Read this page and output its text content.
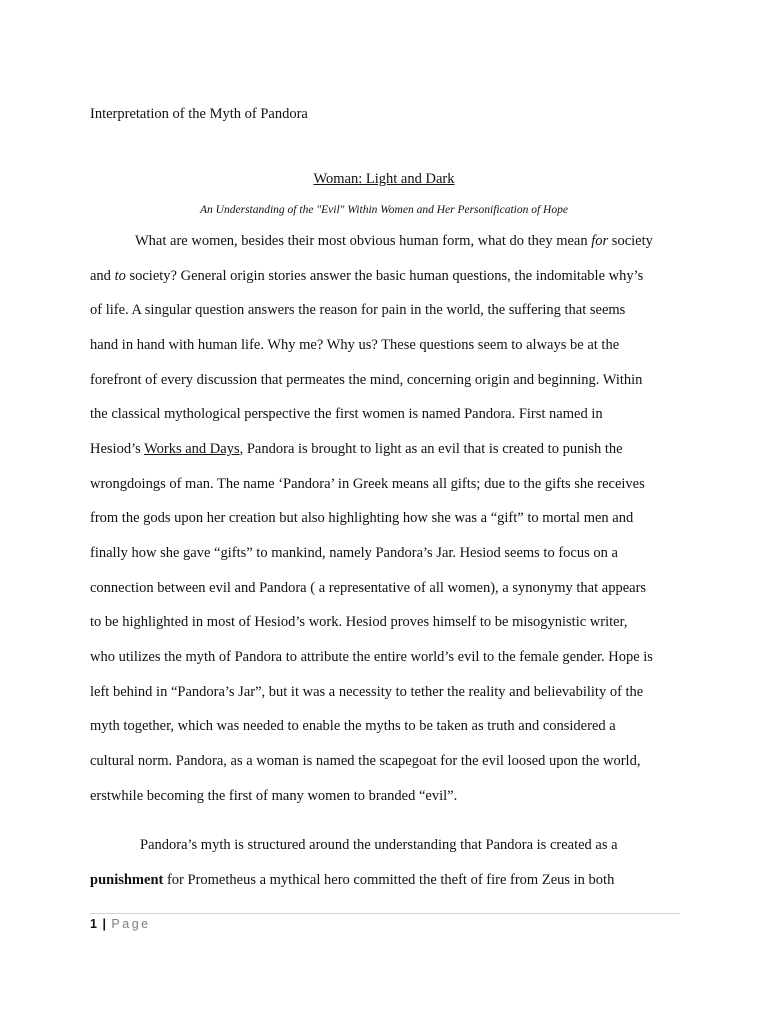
Interpretation of the Myth of Pandora
Woman: Light and Dark
An Understanding of the "Evil" Within Women and Her Personification of Hope
What are women, besides their most obvious human form, what do they mean for society
and to society? General origin stories answer the basic human questions, the indomitable why’s
of life. A singular question answers the reason for pain in the world, the suffering that seems
hand in hand with human life. Why me? Why us? These questions seem to always be at the
forefront of every discussion that permeates the mind, concerning origin and beginning. Within
the classical mythological perspective the first women is named Pandora. First named in
Hesiod’s Works and Days, Pandora is brought to light as an evil that is created to punish the
wrongdoings of man. The name ‘Pandora’ in Greek means all gifts; due to the gifts she receives
from the gods upon her creation but also highlighting how she was a “gift” to mortal men and
finally how she gave “gifts” to mankind, namely Pandora’s Jar. Hesiod seems to focus on a
connection between evil and Pandora ( a representative of all women), a synonymy that appears
to be highlighted in most of Hesiod’s work. Hesiod proves himself to be misogynistic writer,
who utilizes the myth of Pandora to attribute the entire world’s evil to the female gender. Hope is
left behind in “Pandora’s Jar”, but it was a necessity to tether the reality and believability of the
myth together, which was needed to enable the myths to be taken as truth and considered a
cultural norm. Pandora, as a woman is named the scapegoat for the evil loosed upon the world,
erstwhile becoming the first of many women to branded “evil”.
Pandora’s myth is structured around the understanding that Pandora is created as a
punishment for Prometheus a mythical hero committed the theft of fire from Zeus in both
1 | Page
